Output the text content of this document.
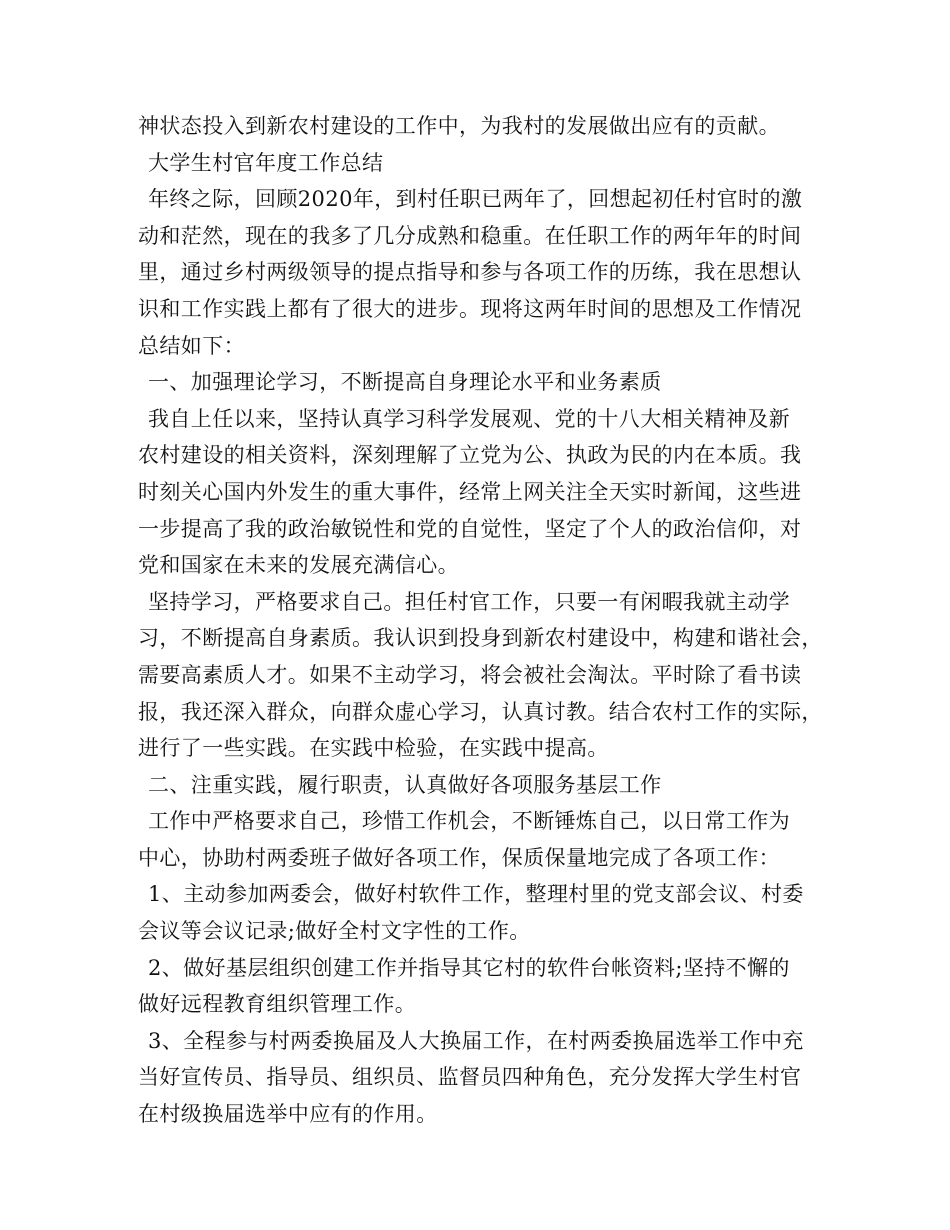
神状态投入到新农村建设的工作中，为我村的发展做出应有的贡献。
大学生村官年度工作总结
年终之际，回顾2020年，到村任职已两年了，回想起初任村官时的激
动和茫然，现在的我多了几分成熟和稳重。在任职工作的两年年的时间
里，通过乡村两级领导的提点指导和参与各项工作的历练，我在思想认
识和工作实践上都有了很大的进步。现将这两年时间的思想及工作情况
总结如下：
一、加强理论学习，不断提高自身理论水平和业务素质
我自上任以来，坚持认真学习科学发展观、党的十八大相关精神及新
农村建设的相关资料，深刻理解了立党为公、执政为民的内在本质。我
时刻关心国内外发生的重大事件，经常上网关注全天实时新闻，这些进
一步提高了我的政治敏锐性和党的自觉性，坚定了个人的政治信仰，对
党和国家在未来的发展充满信心。
坚持学习，严格要求自己。担任村官工作，只要一有闲暇我就主动学
习，不断提高自身素质。我认识到投身到新农村建设中，构建和谐社会，
需要高素质人才。如果不主动学习，将会被社会淘汰。平时除了看书读
报，我还深入群众，向群众虚心学习，认真讨教。结合农村工作的实际，
进行了一些实践。在实践中检验，在实践中提高。
二、注重实践，履行职责，认真做好各项服务基层工作
工作中严格要求自己，珍惜工作机会，不断锤炼自己，以日常工作为
中心，协助村两委班子做好各项工作，保质保量地完成了各项工作：
1、主动参加两委会，做好村软件工作，整理村里的党支部会议、村委
会议等会议记录;做好全村文字性的工作。
2、做好基层组织创建工作并指导其它村的软件台帐资料;坚持不懈的
做好远程教育组织管理工作。
3、全程参与村两委换届及人大换届工作，在村两委换届选举工作中充
当好宣传员、指导员、组织员、监督员四种角色，充分发挥大学生村官
在村级换届选举中应有的作用。
